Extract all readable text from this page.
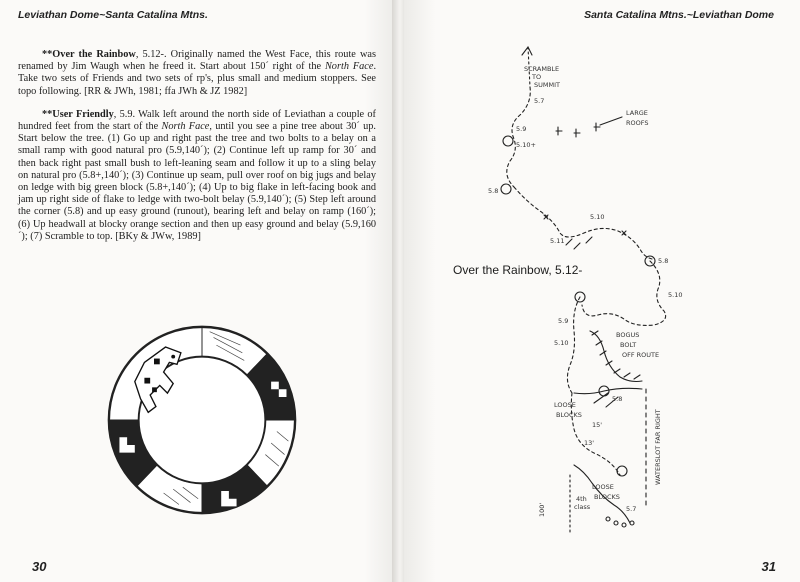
Leviathan Dome~Santa Catalina Mtns.

**Over the Rainbow, 5.12-. Originally named the West Face, this route was renamed by Jim Waugh when he freed it. Start about 150´ right of the North Face. Take two sets of Friends and two sets of rp's, plus small and medium stoppers. See topo following. [RR & JWh, 1981; ffa JWh & JZ 1982]

**User Friendly, 5.9. Walk left around the north side of Leviathan a couple of hundred feet from the start of the North Face, until you see a pine tree about 30´ up. Start below the tree. (1) Go up and right past the tree and two bolts to a belay on a small ramp with good natural pro (5.9,140´); (2) Continue left up ramp for 30´ and then back right past small bush to left-leaning seam and follow it up to a sling belay on natural pro (5.8+,140´); (3) Continue up seam, pull over roof on big jugs and belay on ledge with big green block (5.8+,140´); (4) Up to big flake in left-facing book and jam up right side of flake to ledge with two-bolt belay (5.9,140´); (5) Step left around the corner (5.8) and up easy ground (runout), bearing left and belay on ramp (160´); (6) Up headwall at blocky orange section and then up easy ground and belay (5.9,160´); (7) Scramble to top. [BKy & JWw, 1989]

30
Santa Catalina Mtns.~Leviathan Dome
Over the Rainbow, 5.12-
SCRAMBLE
TO
SUMMIT
5.7
5.9
5.10+
LARGE
ROOFS
5.8
5.10
5.11
5.8
5.10
5.9
5.10
BOGUS
BOLT
OFF ROUTE
5.8
LOOSE
BLOCKS
15'
13'	WATERSLOT FAR RIGHT
100'
4th
class
LOOSE
BLOCKS
5.7
31
